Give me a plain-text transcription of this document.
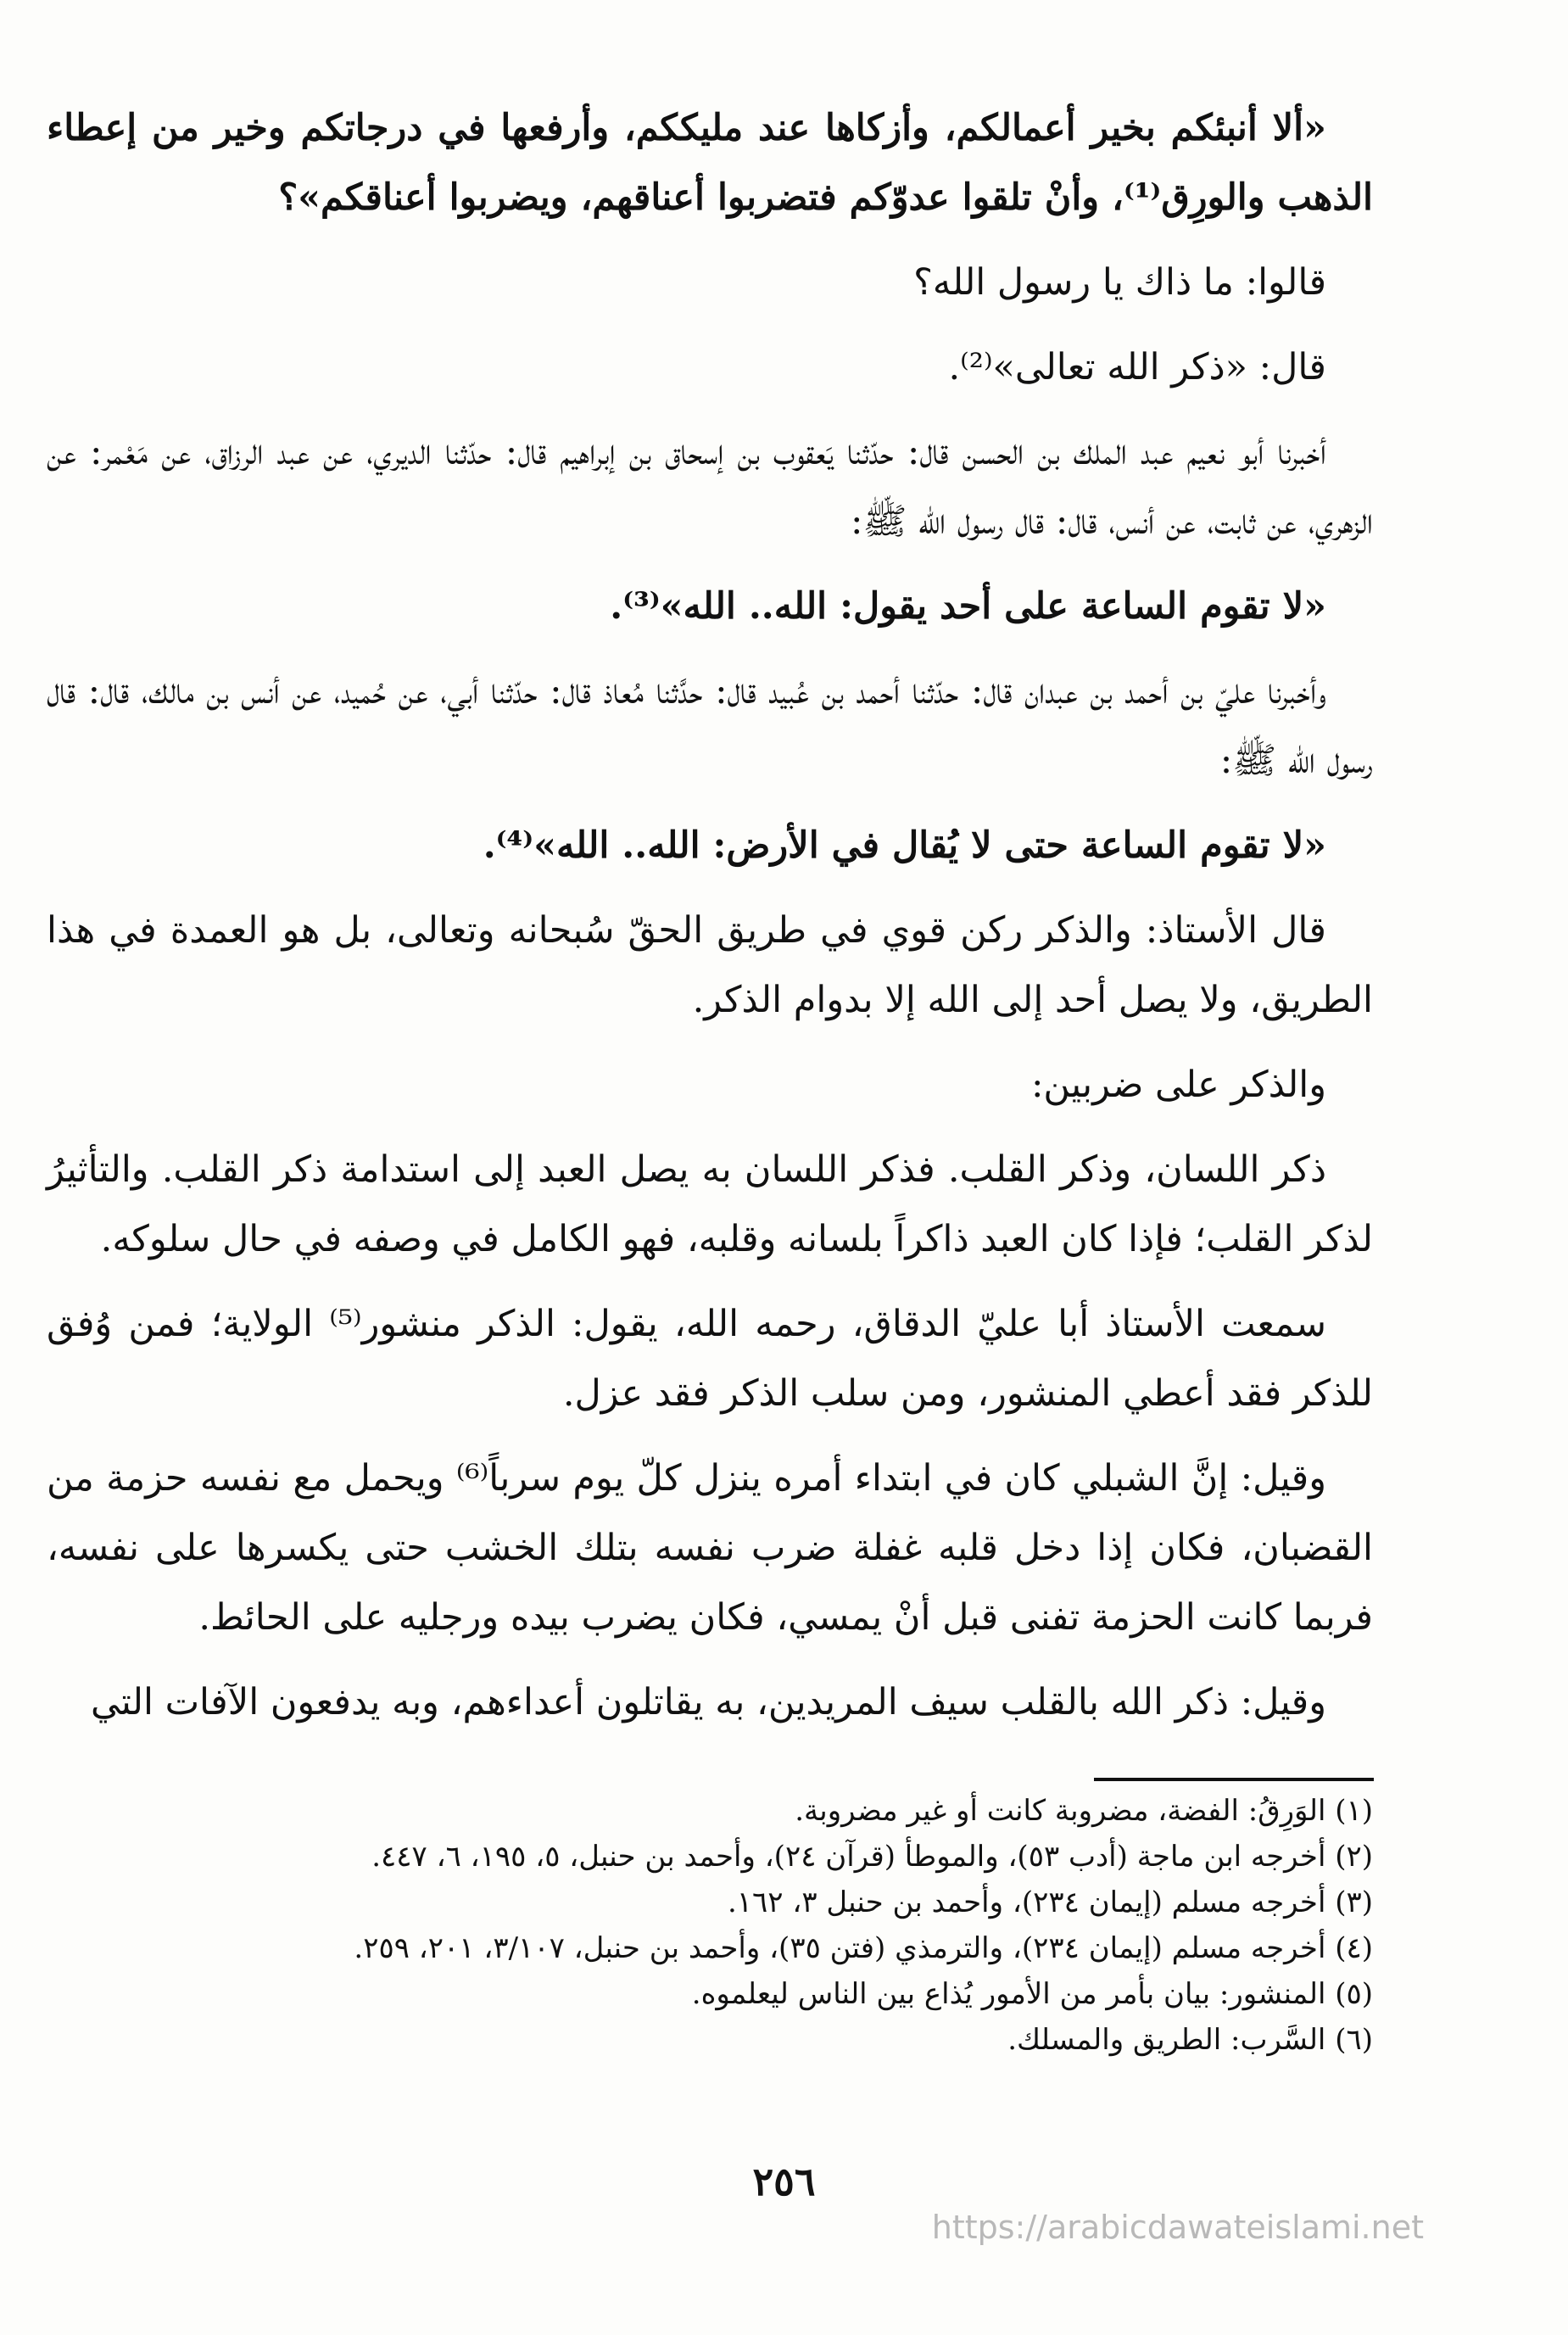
«ألا أنبئكم بخير أعمالكم، وأزكاها عند مليككم، وأرفعها في درجاتكم وخير من إعطاء الذهب والورِق⁽¹⁾، وأنْ تلقوا عدوّكم فتضربوا أعناقهم، ويضربوا أعناقكم»؟

قالوا: ما ذاك يا رسول الله؟

قال: «ذكر الله تعالى»⁽²⁾.

أخبرنا أبو نعيم عبد الملك بن الحسن قال: حدّثنا يَعقوب بن إسحاق بن إبراهيم قال: حدّثنا الديري، عن عبد الرزاق، عن مَعْمر: عن الزهري، عن ثابت، عن أنس، قال: قال رسول الله ﷺ:

«لا تقوم الساعة على أحد يقول: الله.. الله»⁽³⁾.

وأخبرنا عليّ بن أحمد بن عبدان قال: حدّثنا أحمد بن عُبيد قال: حدَّثنا مُعاذ قال: حدّثنا أبي، عن حُميد، عن أنس بن مالك، قال: قال رسول الله ﷺ:

«لا تقوم الساعة حتى لا يُقال في الأرض: الله.. الله»⁽⁴⁾.

قال الأستاذ: والذكر ركن قوي في طريق الحقّ سُبحانه وتعالى، بل هو العمدة في هذا الطريق، ولا يصل أحد إلى الله إلا بدوام الذكر.

والذكر على ضربين:

ذكر اللسان، وذكر القلب. فذكر اللسان به يصل العبد إلى استدامة ذكر القلب. والتأثيرُ لذكر القلب؛ فإذا كان العبد ذاكراً بلسانه وقلبه، فهو الكامل في وصفه في حال سلوكه.

سمعت الأستاذ أبا عليّ الدقاق، رحمه الله، يقول: الذكر منشور⁽⁵⁾ الولاية؛ فمن وُفق للذكر فقد أعطي المنشور، ومن سلب الذكر فقد عزل.

وقيل: إنَّ الشبلي كان في ابتداء أمره ينزل كلّ يوم سرباً⁽⁶⁾ ويحمل مع نفسه حزمة من القضبان، فكان إذا دخل قلبه غفلة ضرب نفسه بتلك الخشب حتى يكسرها على نفسه، فربما كانت الحزمة تفنى قبل أنْ يمسي، فكان يضرب بيده ورجليه على الحائط.

وقيل: ذكر الله بالقلب سيف المريدين، به يقاتلون أعداءهم، وبه يدفعون الآفات التي

(١) الوَرِقُ: الفضة، مضروبة كانت أو غير مضروبة.

(٢) أخرجه ابن ماجة (أدب ٥٣)، والموطأ (قرآن ٢٤)، وأحمد بن حنبل، ٥، ١٩٥، ٦، ٤٤٧.

(٣) أخرجه مسلم (إيمان ٢٣٤)، وأحمد بن حنبل ٣، ١٦٢.

(٤) أخرجه مسلم (إيمان ٢٣٤)، والترمذي (فتن ٣٥)، وأحمد بن حنبل، ٣/١٠٧، ٢٠١، ٢٥٩.

(٥) المنشور: بيان بأمر من الأمور يُذاع بين الناس ليعلموه.

(٦) السَّرب: الطريق والمسلك.

٢٥٦
https://arabicdawateislami.net
